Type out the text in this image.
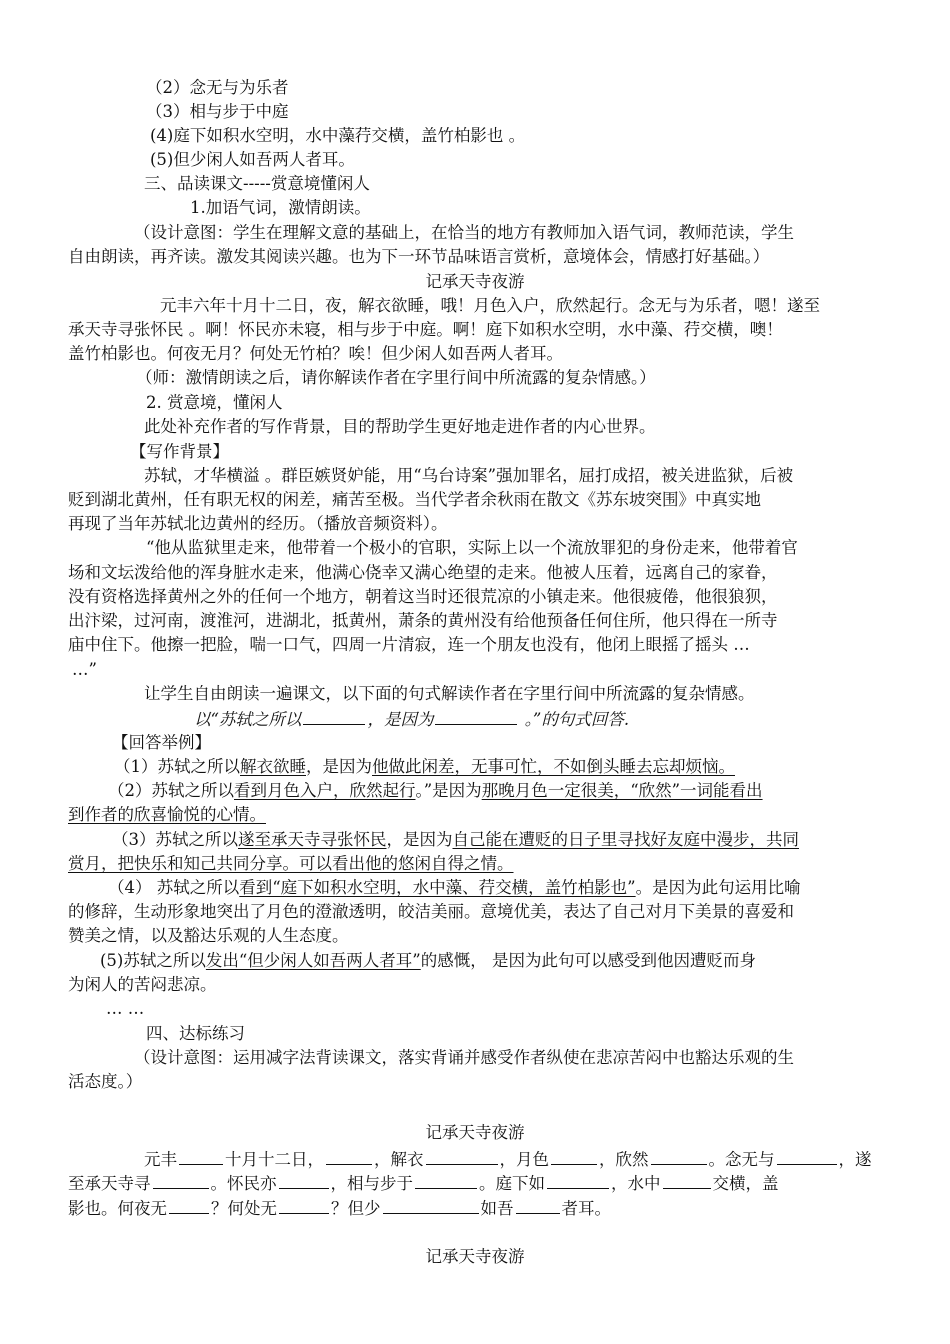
（2）念无与为乐者
（3）相与步于中庭
(4)庭下如积水空明，水中藻荇交横，盖竹柏影也 。
(5)但少闲人如吾两人者耳。
三、品读课文-----赏意境懂闲人
1.加语气词，激情朗读。
（设计意图：学生在理解文意的基础上，在恰当的地方有教师加入语气词，教师范读，学生
自由朗读，再齐读。激发其阅读兴趣。也为下一环节品味语言赏析，意境体会，情感打好基础。）
记承天寺夜游
元丰六年十月十二日，夜，解衣欲睡，哦！月色入户，欣然起行。念无与为乐者，嗯！遂至
承天寺寻张怀民 。啊！怀民亦未寝，相与步于中庭。啊！庭下如积水空明，水中藻、荇交横，噢！
盖竹柏影也。何夜无月？何处无竹柏？唉！但少闲人如吾两人者耳。
（师：激情朗读之后，请你解读作者在字里行间中所流露的复杂情感。）
2. 赏意境，懂闲人
此处补充作者的写作背景，目的帮助学生更好地走进作者的内心世界。
【写作背景】
苏轼，才华横溢 。群臣嫉贤妒能，用“乌台诗案”强加罪名，屈打成招，被关进监狱，后被
贬到湖北黄州，任有职无权的闲差，痛苦至极。当代学者余秋雨在散文《苏东坡突围》中真实地
再现了当年苏轼北边黄州的经历。（播放音频资料）。
“他从监狱里走来，他带着一个极小的官职，实际上以一个流放罪犯的身份走来，他带着官
场和文坛泼给他的浑身脏水走来，他满心侥幸又满心绝望的走来。他被人压着，远离自己的家眷，
没有资格选择黄州之外的任何一个地方，朝着这当时还很荒凉的小镇走来。他很疲倦，他很狼狈，
出汴梁，过河南，渡淮河，进湖北，抵黄州，萧条的黄州没有给他预备任何住所，他只得在一所寺
庙中住下。他擦一把脸，喘一口气，四周一片清寂，连一个朋友也没有，他闭上眼摇了摇头 …
…”
让学生自由朗读一遍课文，以下面的句式解读作者在字里行间中所流露的复杂情感。
以“苏轼之所以	，是因为	。”的句式回答.
【回答举例】
（1）苏轼之所以解衣欲睡，是因为他做此闲差，无事可忙，不如倒头睡去忘却烦恼。
（2）苏轼之所以看到月色入户，欣然起行。”是因为那晚月色一定很美，“欣然”一词能看出
到作者的欣喜愉悦的心情。
（3）苏轼之所以遂至承天寺寻张怀民，是因为自己能在遭贬的日子里寻找好友庭中漫步，共同
赏月，把快乐和知己共同分享。可以看出他的悠闲自得之情。
（4） 苏轼之所以看到“庭下如积水空明，水中藻、荇交横，盖竹柏影也”。是因为此句运用比喻
的修辞，生动形象地突出了月色的澄澈透明，皎洁美丽。意境优美，表达了自己对月下美景的喜爱和
赞美之情，以及豁达乐观的人生态度。
(5)苏轼之所以发出“但少闲人如吾两人者耳”的感慨， 是因为此句可以感受到他因遭贬而身
为闲人的苦闷悲凉。
… …
四、达标练习
（设计意图：运用减字法背读课文，落实背诵并感受作者纵使在悲凉苦闷中也豁达乐观的生
活态度。）
记承天寺夜游
元丰	十月十二日，	，解衣	，月色	，欣然	。念无与	，遂
至承天寺寻	。怀民亦	，相与步于	。庭下如	，水中	交横，盖
影也。何夜无	？何处无	？但少	如吾	者耳。
记承天寺夜游
